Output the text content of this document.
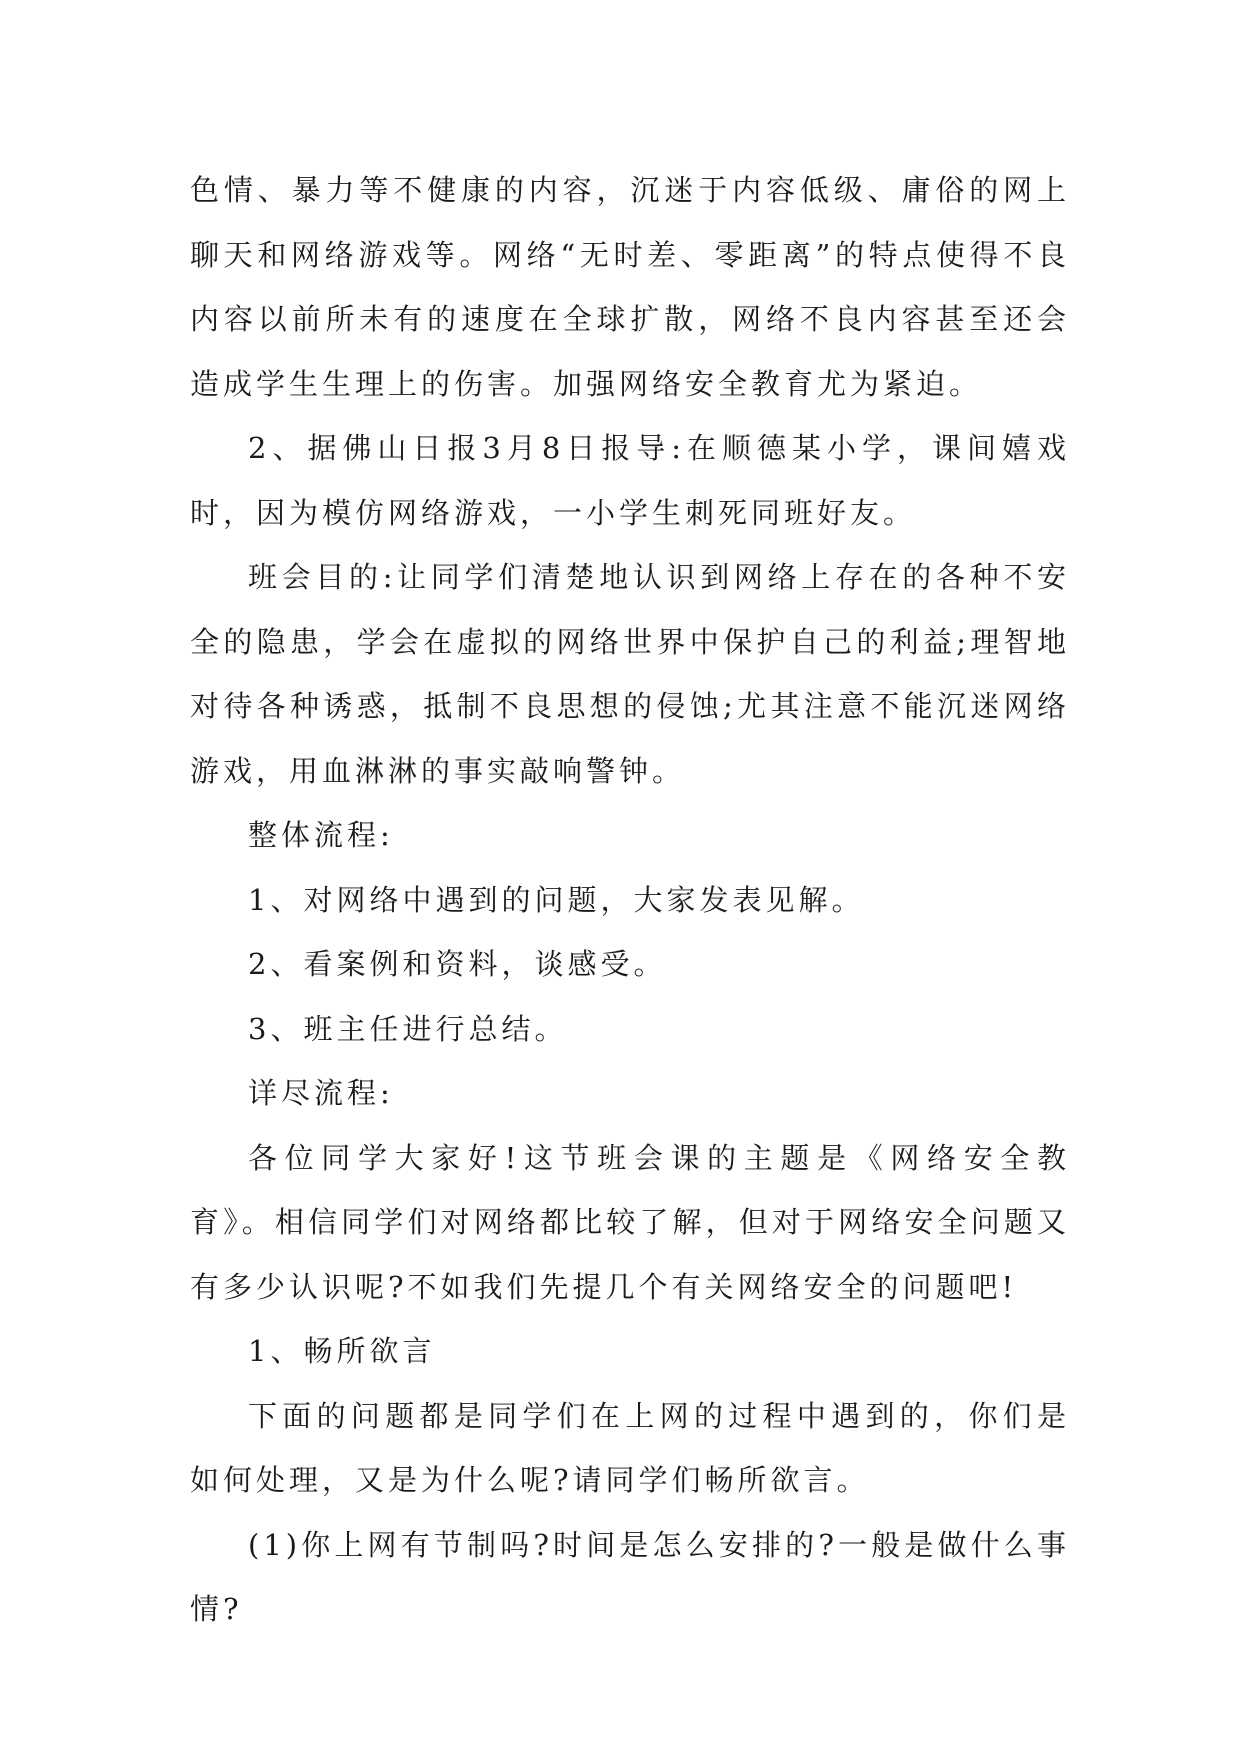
色情、暴力等不健康的内容，沉迷于内容低级、庸俗的网上聊天和网络游戏等。网络“无时差、零距离”的特点使得不良内容以前所未有的速度在全球扩散，网络不良内容甚至还会造成学生生理上的伤害。加强网络安全教育尤为紧迫。

2、据佛山日报3月8日报导:在顺德某小学，课间嬉戏时，因为模仿网络游戏，一小学生刺死同班好友。

班会目的:让同学们清楚地认识到网络上存在的各种不安全的隐患，学会在虚拟的网络世界中保护自己的利益;理智地对待各种诱惑，抵制不良思想的侵蚀;尤其注意不能沉迷网络游戏，用血淋淋的事实敲响警钟。

整体流程:

1、对网络中遇到的问题，大家发表见解。

2、看案例和资料，谈感受。

3、班主任进行总结。

详尽流程:

各位同学大家好!这节班会课的主题是《网络安全教育》。相信同学们对网络都比较了解，但对于网络安全问题又有多少认识呢?不如我们先提几个有关网络安全的问题吧!

1、畅所欲言

下面的问题都是同学们在上网的过程中遇到的，你们是如何处理，又是为什么呢?请同学们畅所欲言。

(1)你上网有节制吗?时间是怎么安排的?一般是做什么事情?
